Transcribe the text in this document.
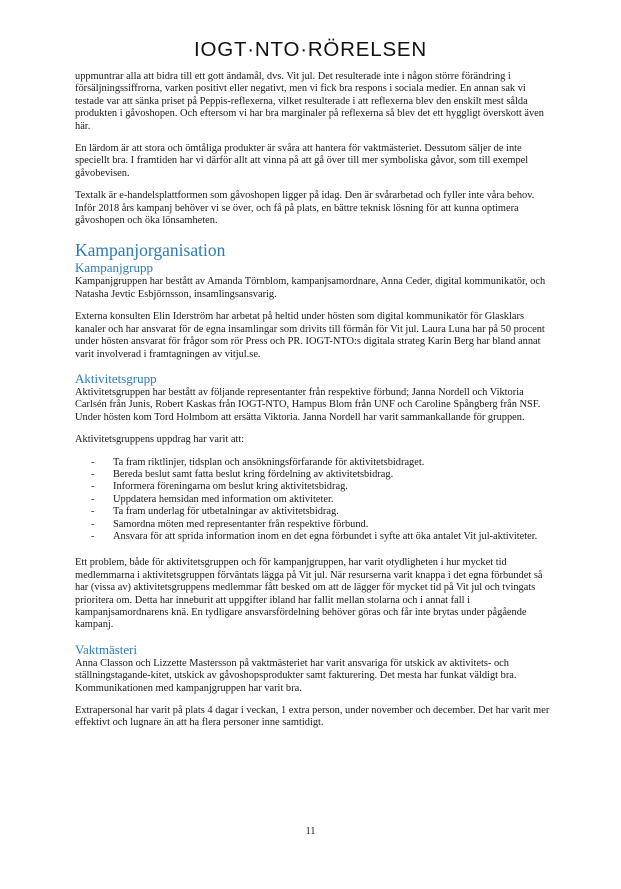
IOGT·NTO·RÖRELSEN

uppmuntrar alla att bidra till ett gott ändamål, dvs. Vit jul. Det resulterade inte i någon större förändring i försäljningssiffrorna, varken positivt eller negativt, men vi fick bra respons i sociala medier. En annan sak vi testade var att sänka priset på Peppis-reflexerna, vilket resulterade i att reflexerna blev den enskilt mest sålda produkten i gåvoshopen. Och eftersom vi har bra marginaler på reflexerna så blev det ett hyggligt överskott även här.

En lärdom är att stora och ömtåliga produkter är svåra att hantera för vaktmästeriet. Dessutom säljer de inte speciellt bra. I framtiden har vi därför allt att vinna på att gå över till mer symboliska gåvor, som till exempel gåvobevisen.

Textalk är e-handelsplattformen som gåvoshopen ligger på idag. Den är svårarbetad och fyller inte våra behov. Inför 2018 års kampanj behöver vi se över, och få på plats, en bättre teknisk lösning för att kunna optimera gåvoshopen och öka lönsamheten.

Kampanjorganisation
Kampanjgrupp

Kampanjgruppen har bestått av Amanda Törnblom, kampanjsamordnare, Anna Ceder, digital kommunikatör, och Natasha Jevtic Esbjörnsson, insamlingsansvarig.

Externa konsulten Elin Iderström har arbetat på heltid under hösten som digital kommunikatör för Glasklars kanaler och har ansvarat för de egna insamlingar som drivits till förmån för Vit jul. Laura Luna har på 50 procent under hösten ansvarat för frågor som rör Press och PR. IOGT-NTO:s digitala strateg Karin Berg har bland annat varit involverad i framtagningen av vitjul.se.

Aktivitetsgrupp

Aktivitetsgruppen har bestått av följande representanter från respektive förbund; Janna Nordell och Viktoria Carlsén från Junis, Robert Kaskas från IOGT-NTO, Hampus Blom från UNF och Caroline Spångberg från NSF. Under hösten kom Tord Holmbom att ersätta Viktoria. Janna Nordell har varit sammankallande för gruppen.

Aktivitetsgruppens uppdrag har varit att:

- Ta fram riktlinjer, tidsplan och ansökningsförfarande för aktivitetsbidraget.
- Bereda beslut samt fatta beslut kring fördelning av aktivitetsbidrag.
- Informera föreningarna om beslut kring aktivitetsbidrag.
- Uppdatera hemsidan med information om aktiviteter.
- Ta fram underlag för utbetalningar av aktivitetsbidrag.
- Samordna möten med representanter från respektive förbund.
- Ansvara för att sprida information inom en det egna förbundet i syfte att öka antalet Vit jul-aktiviteter.

Ett problem, både för aktivitetsgruppen och för kampanjgruppen, har varit otydligheten i hur mycket tid medlemmarna i aktivitetsgruppen förväntats lägga på Vit jul. När resurserna varit knappa i det egna förbundet så har (vissa av) aktivitetsgruppens medlemmar fått besked om att de lägger för mycket tid på Vit jul och tvingats prioritera om. Detta har inneburit att uppgifter ibland har fallit mellan stolarna och i annat fall i kampanjsamordnarens knä. En tydligare ansvarsfördelning behöver göras och får inte brytas under pågående kampanj.

Vaktmästeri

Anna Classon och Lizzette Mastersson på vaktmästeriet har varit ansvariga för utskick av aktivitets- och ställningstagande-kitet, utskick av gåvoshopsprodukter samt fakturering. Det mesta har funkat väldigt bra. Kommunikationen med kampanjgruppen har varit bra.

Extrapersonal har varit på plats 4 dagar i veckan, 1 extra person, under november och december. Det har varit mer effektivt och lugnare än att ha flera personer inne samtidigt.

11
